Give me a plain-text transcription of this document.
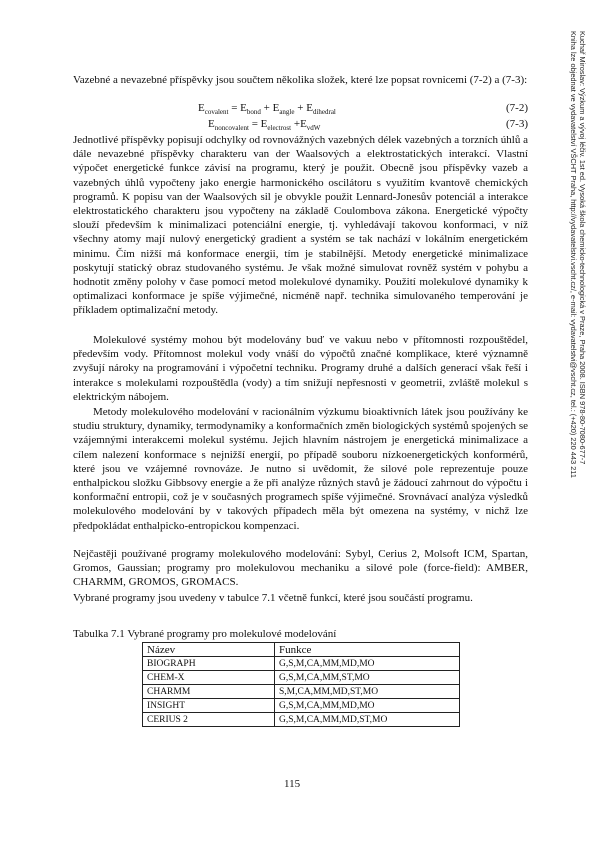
Vazebné a nevazebné příspěvky jsou součtem několika složek, které lze popsat rovnicemi (7-2) a (7-3):

$E_{covalent} = E_{bond} + E_{angle} + E_{dihedral}$	(7-2)
$E_{noncovalent} = E_{electrost} +E_{vdW}$	(7-3)

Jednotlivé příspěvky popisují odchylky od rovnovážných vazebných délek vazebných a torzních úhlů a dále nevazebné příspěvky charakteru van der Waalsových a elektrostatických interakcí. Vlastní výpočet energetické funkce závisí na programu, který je použit. Obecně jsou příspěvky vazeb a vazebných úhlů vypočteny jako energie harmonického oscilátoru s využitím kvantově chemických programů. K popisu van der Waalsových sil je obvykle použit Lennard-Jonesův potenciál a interakce elektrostatického charakteru jsou vypočteny na základě Coulombova zákona. Energetické výpočty slouží především k minimalizaci potenciální energie, tj. vyhledávají takovou konformaci, v níž všechny atomy mají nulový energetický gradient a systém se tak nachází v lokálním energetickém minimu. Čím nižší má konformace energii, tím je stabilnější. Metody energetické minimalizace poskytují statický obraz studovaného systému. Je však možné simulovat rovněž systém v pohybu a hodnotit změny polohy v čase pomocí metod molekulové dynamiky. Použití molekulové dynamiky k optimalizaci konformace je spíše výjimečné, nicméně např. technika simulovaného temperování je příkladem optimalizační metody.

Molekulové systémy mohou být modelovány buď ve vakuu nebo v přítomnosti rozpouštědel, především vody. Přítomnost molekul vody vnáší do výpočtů značné komplikace, které významně zvyšují nároky na programování i výpočetní techniku. Programy druhé a dalších generací však řeší i interakce s molekulami rozpouštědla (vody) a tím snižují nepřesnosti v geometrii, zvláště molekul s elektrickým nábojem.

Metody molekulového modelování v racionálním výzkumu bioaktivních látek jsou používány ke studiu struktury, dynamiky, termodynamiky a konformačních změn biologických systémů spojených se vzájemnými interakcemi molekul systému. Jejich hlavním nástrojem je energetická minimalizace a cílem nalezení konformace s nejnižší energií, po případě souboru nízkoenergetických konformérů, které jsou ve vzájemné rovnováze. Je nutno si uvědomit, že silové pole reprezentuje pouze enthalpickou složku Gibbsovy energie a že při analýze různých stavů je žádoucí zahrnout do výpočtu i konformační entropii, což je v současných programech spíše výjimečné. Srovnávací analýza výsledků molekulového modelování by v takových případech měla být omezena na systémy, v nichž lze předpokládat enthalpicko-entropickou kompenzaci.

Nejčastěji používané programy molekulového modelování: Sybyl, Cerius 2, Molsoft ICM, Spartan, Gromos, Gaussian; programy pro molekulovou mechaniku a silové pole (force-field): AMBER, CHARMM, GROMOS, GROMACS.

Vybrané programy jsou uvedeny v tabulce 7.1 včetně funkcí, které jsou součástí programu.

Tabulka 7.1 Vybrané programy pro molekulové modelování
Název	Funkce
BIOGRAPH	G,S,M,CA,MM,MD,MO
CHEM-X	G,S,M,CA,MM,ST,MO
CHARMM	S,M,CA,MM,MD,ST,MO
INSIGHT	G,S,M,CA,MM,MD,MO
CERIUS 2	G,S,M,CA,MM,MD,ST,MO
115
Kuchař Miroslav: Výzkum a vývoj léčiv. 1st ed. Vysoká škola chemicko-technologická v Praze, Praha 2008. ISBN 978-80-7080-677-7
Kniha lze objednat ve vydavatelství VŠCHT Praha, http://vydavatelstvi.vscht.cz/, e-mail: vydavatelstvi@vscht.cz, tel.: (+420) 220 443 211
